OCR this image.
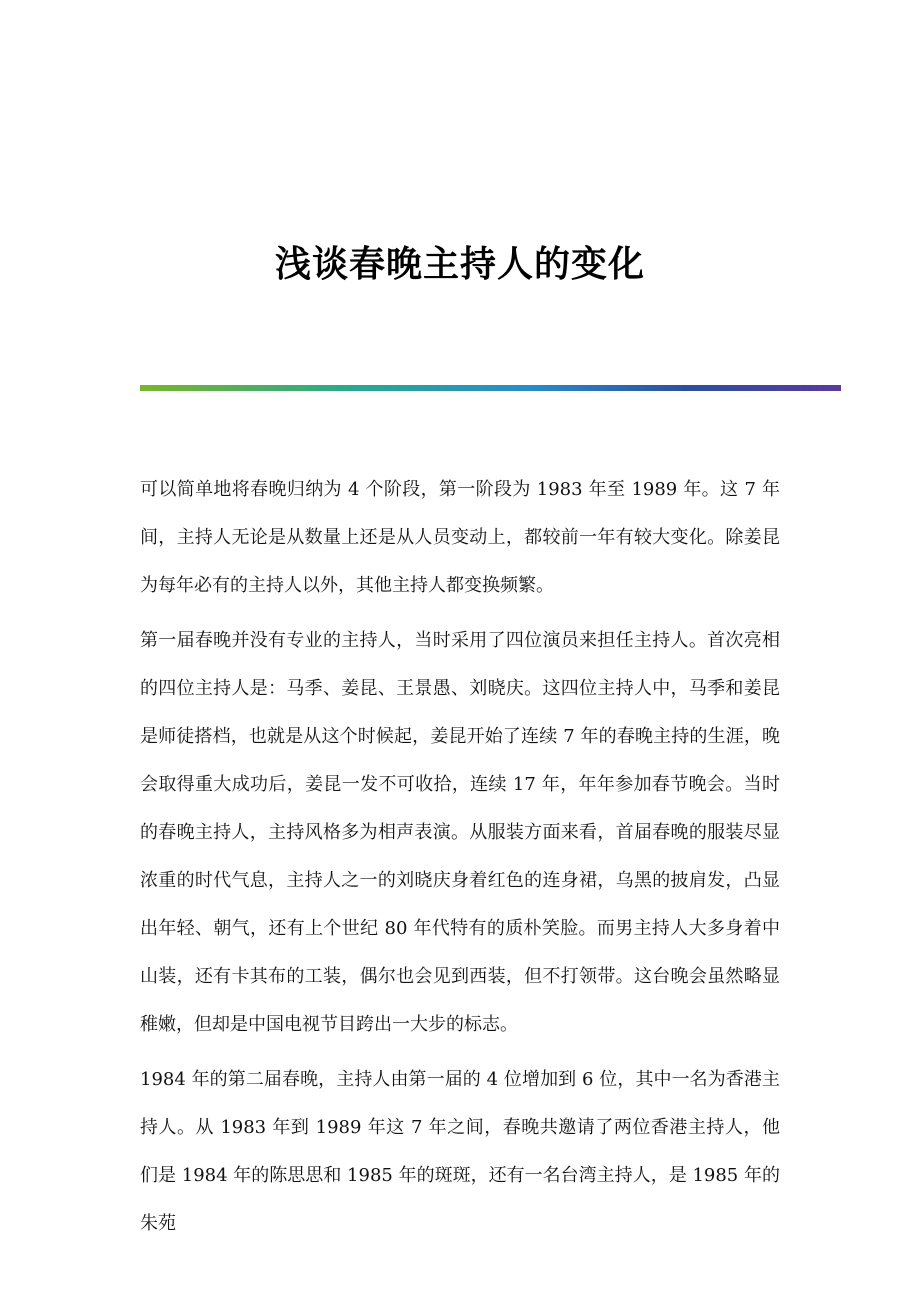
浅谈春晚主持人的变化

可以简单地将春晚归纳为 4 个阶段，第一阶段为 1983 年至 1989 年。这 7 年间，主持人无论是从数量上还是从人员变动上，都较前一年有较大变化。除姜昆为每年必有的主持人以外，其他主持人都变换频繁。

第一届春晚并没有专业的主持人，当时采用了四位演员来担任主持人。首次亮相的四位主持人是：马季、姜昆、王景愚、刘晓庆。这四位主持人中，马季和姜昆是师徒搭档，也就是从这个时候起，姜昆开始了连续 7 年的春晚主持的生涯，晚会取得重大成功后，姜昆一发不可收拾，连续 17 年，年年参加春节晚会。当时的春晚主持人，主持风格多为相声表演。从服装方面来看，首届春晚的服装尽显浓重的时代气息，主持人之一的刘晓庆身着红色的连身裙，乌黑的披肩发，凸显出年轻、朝气，还有上个世纪 80 年代特有的质朴笑脸。而男主持人大多身着中山装，还有卡其布的工装，偶尔也会见到西装，但不打领带。这台晚会虽然略显稚嫩，但却是中国电视节目跨出一大步的标志。

1984 年的第二届春晚，主持人由第一届的 4 位增加到 6 位，其中一名为香港主持人。从 1983 年到 1989 年这 7 年之间，春晚共邀请了两位香港主持人，他们是 1984 年的陈思思和 1985 年的斑斑，还有一名台湾主持人，是 1985 年的朱苑
